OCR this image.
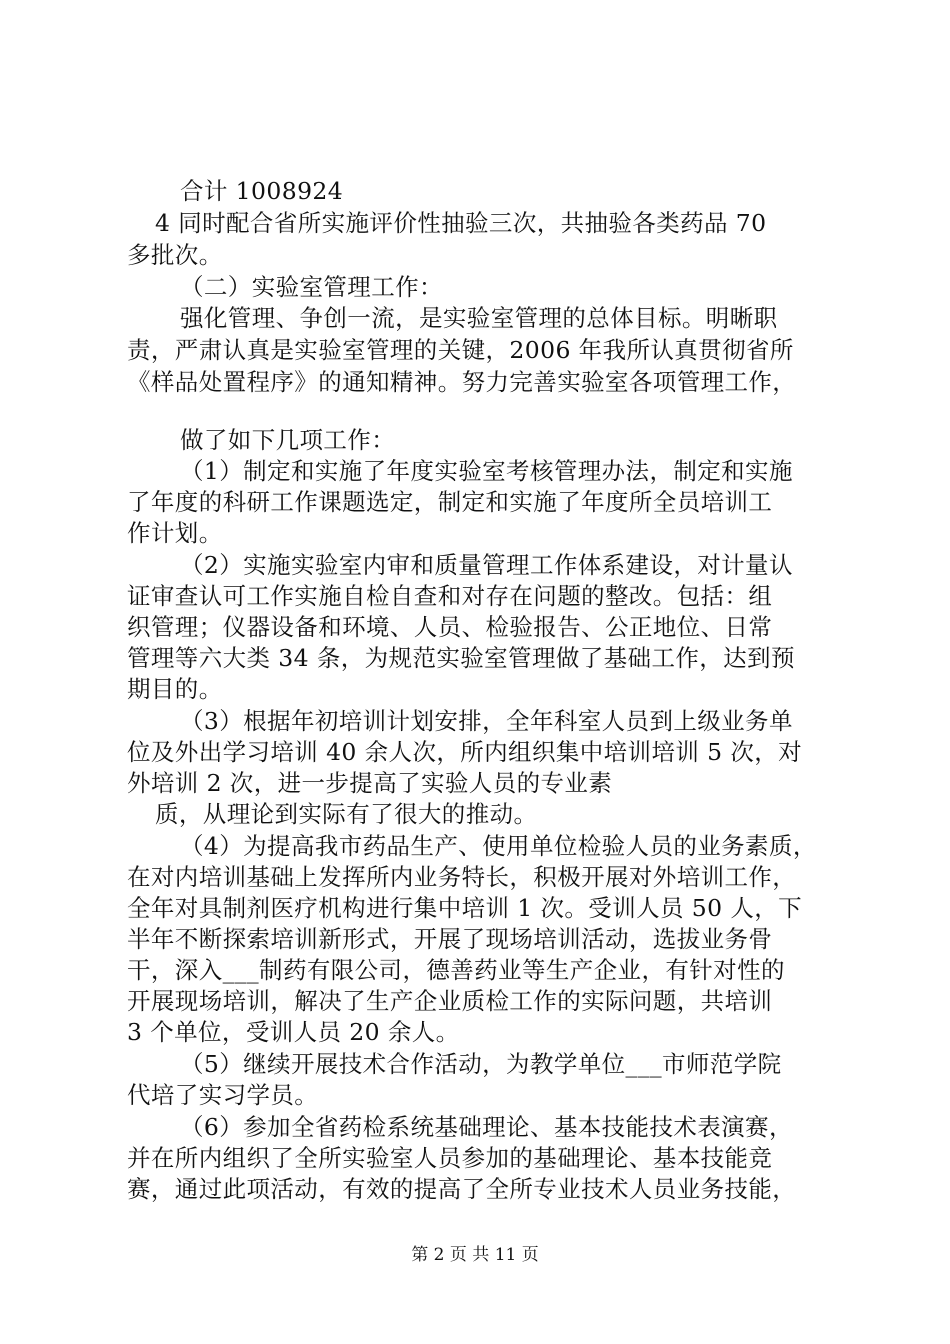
合计 1008924
4 同时配合省所实施评价性抽验三次，共抽验各类药品 70
多批次。
（二）实验室管理工作：
强化管理、争创一流，是实验室管理的总体目标。明晰职
责，严肃认真是实验室管理的关键，2006 年我所认真贯彻省所
《样品处置程序》的通知精神。努力完善实验室各项管理工作，
做了如下几项工作：
（1）制定和实施了年度实验室考核管理办法，制定和实施
了年度的科研工作课题选定，制定和实施了年度所全员培训工
作计划。
（2）实施实验室内审和质量管理工作体系建设，对计量认
证审查认可工作实施自检自查和对存在问题的整改。包括：组
织管理；仪器设备和环境、人员、检验报告、公正地位、日常
管理等六大类 34 条，为规范实验室管理做了基础工作，达到预
期目的。
（3）根据年初培训计划安排，全年科室人员到上级业务单
位及外出学习培训 40 余人次，所内组织集中培训培训 5 次，对
外培训 2 次，进一步提高了实验人员的专业素
质，从理论到实际有了很大的推动。
（4）为提高我市药品生产、使用单位检验人员的业务素质，
在对内培训基础上发挥所内业务特长，积极开展对外培训工作，
全年对具制剂医疗机构进行集中培训 1 次。受训人员 50 人，下
半年不断探索培训新形式，开展了现场培训活动，选拔业务骨
干，深入___制药有限公司，德善药业等生产企业，有针对性的
开展现场培训，解决了生产企业质检工作的实际问题，共培训
3 个单位，受训人员 20 余人。
（5）继续开展技术合作活动，为教学单位___市师范学院
代培了实习学员。
（6）参加全省药检系统基础理论、基本技能技术表演赛，
并在所内组织了全所实验室人员参加的基础理论、基本技能竞
赛，通过此项活动，有效的提高了全所专业技术人员业务技能，
第 2 页 共 11 页
